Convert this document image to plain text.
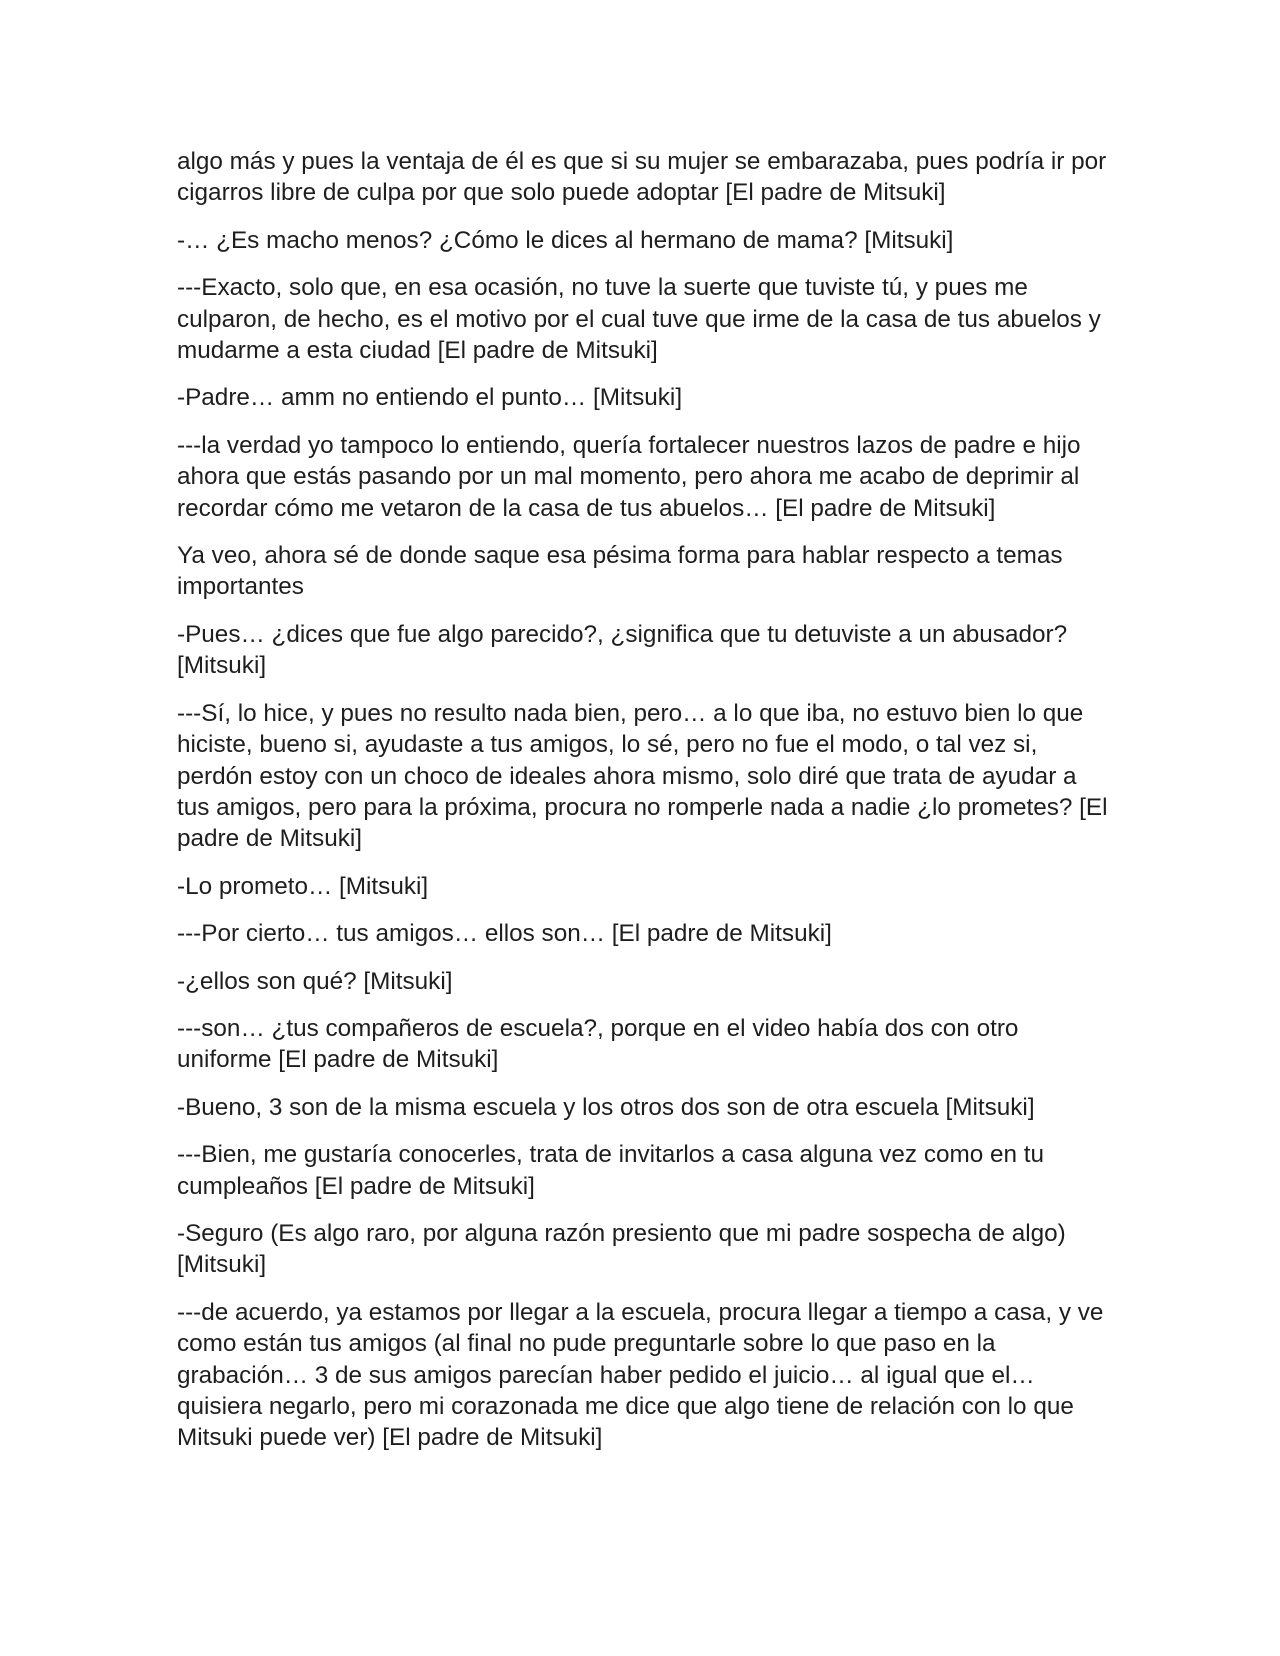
algo más y pues la ventaja de él es que si su mujer se embarazaba, pues podría ir por cigarros libre de culpa por que solo puede adoptar [El padre de Mitsuki]

-… ¿Es macho menos? ¿Cómo le dices al hermano de mama? [Mitsuki]

---Exacto, solo que, en esa ocasión, no tuve la suerte que tuviste tú, y pues me culparon, de hecho, es el motivo por el cual tuve que irme de la casa de tus abuelos y mudarme a esta ciudad [El padre de Mitsuki]

-Padre… amm no entiendo el punto… [Mitsuki]

---la verdad yo tampoco lo entiendo, quería fortalecer nuestros lazos de padre e hijo ahora que estás pasando por un mal momento, pero ahora me acabo de deprimir al recordar cómo me vetaron de la casa de tus abuelos… [El padre de Mitsuki]

Ya veo, ahora sé de donde saque esa pésima forma para hablar respecto a temas importantes

-Pues… ¿dices que fue algo parecido?, ¿significa que tu detuviste a un abusador? [Mitsuki]

---Sí, lo hice, y pues no resulto nada bien, pero… a lo que iba, no estuvo bien lo que hiciste, bueno si, ayudaste a tus amigos, lo sé, pero no fue el modo, o tal vez si, perdón estoy con un choco de ideales ahora mismo, solo diré que trata de ayudar a tus amigos, pero para la próxima, procura no romperle nada a nadie ¿lo prometes? [El padre de Mitsuki]

-Lo prometo… [Mitsuki]

---Por cierto… tus amigos… ellos son… [El padre de Mitsuki]

-¿ellos son qué? [Mitsuki]

---son… ¿tus compañeros de escuela?, porque en el video había dos con otro uniforme [El padre de Mitsuki]

-Bueno, 3 son de la misma escuela y los otros dos son de otra escuela [Mitsuki]

---Bien, me gustaría conocerles, trata de invitarlos a casa alguna vez como en tu cumpleaños [El padre de Mitsuki]

-Seguro (Es algo raro, por alguna razón presiento que mi padre sospecha de algo) [Mitsuki]

---de acuerdo, ya estamos por llegar a la escuela, procura llegar a tiempo a casa, y ve como están tus amigos (al final no pude preguntarle sobre lo que paso en la grabación… 3 de sus amigos parecían haber pedido el juicio… al igual que el… quisiera negarlo, pero mi corazonada me dice que algo tiene de relación con lo que Mitsuki puede ver) [El padre de Mitsuki]
